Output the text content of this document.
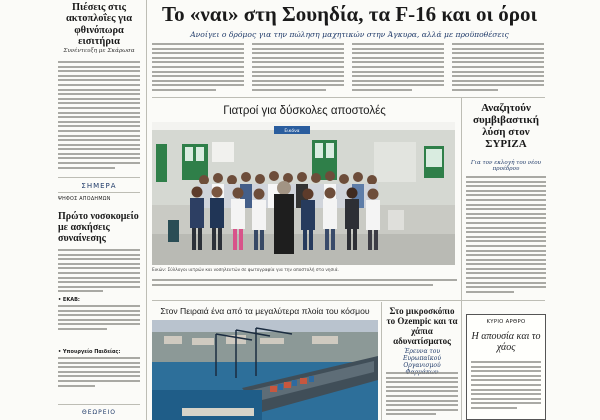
Πιέσεις στις ακτοπλοΐες για φθινόπωρα εισιτήρια
Συνέντευξη με Σκάρωσα
ΣΗΜΕΡΑ
ΨΗΦΟΣ ΑΠΟΔΗΜΩΝ
Πρώτο νοσοκομείο με ασκήσεις συναίνεσης
• ΕΚΑΒ:
• Υπουργείο Παιδείας:
ΘΕΩΡΕΙΟ
Το «ναι» στη Σουηδία, τα F-16 και οι όροι
Ανοίγει ο δρόμος για την πώληση μαχητικών στην Άγκυρα, αλλά με προϋποθέσεις
Γιατροί για δύσκολες αποστολές
Εικόνα
Εικών: Σύλλογοι ιατρών και νοσηλευτών σε φωτογραφία για την αποστολή στα νησιά.
Στον Πειραιά ένα από τα μεγαλύτερα πλοία του κόσμου	Στο μικροσκόπιο το Ozempic και τα χάπια αδυνατίσματος
Έρευνα του Ευρωπαϊκού Οργανισμού
Αναζητούν συμβιβαστική λύση στον ΣΥΡΙΖΑ
Για τον εκλογή του νέου προέδρου
ΚΥΡΙΟ ΑΡΘΡΟ
Η απουσία και το χάος
